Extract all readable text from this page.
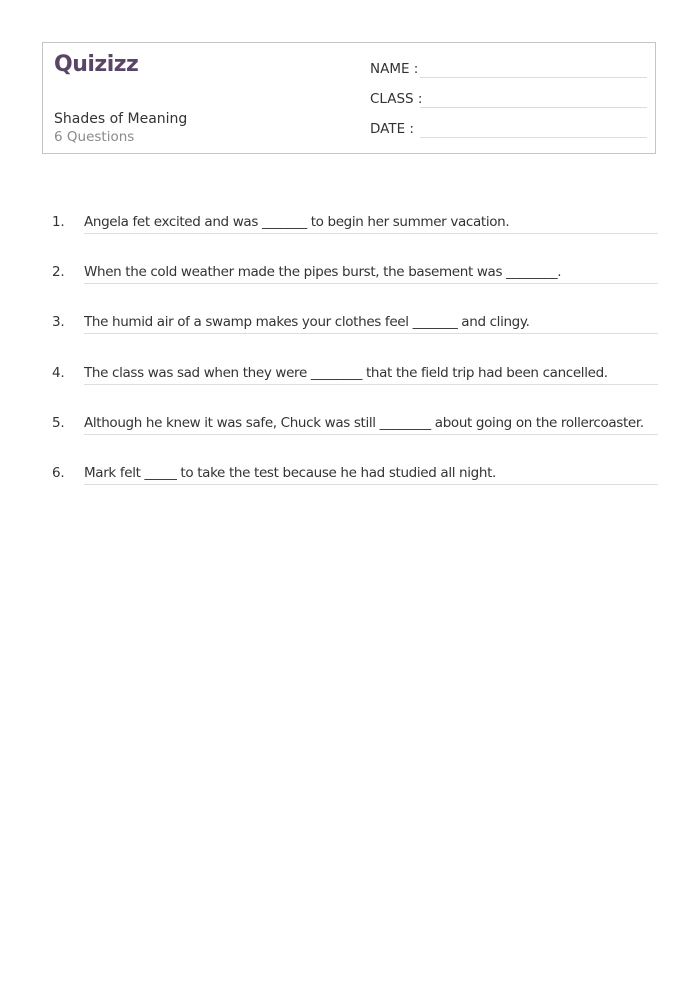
Quizizz
Shades of Meaning
6 Questions
NAME :
CLASS :
DATE :
1. Angela fet excited and was _______ to begin her summer vacation.
2. When the cold weather made the pipes burst, the basement was ________.
3. The humid air of a swamp makes your clothes feel _______ and clingy.
4. The class was sad when they were ________ that the field trip had been cancelled.
5. Although he knew it was safe, Chuck was still ________ about going on the rollercoaster.
6. Mark felt _____ to take the test because he had studied all night.
